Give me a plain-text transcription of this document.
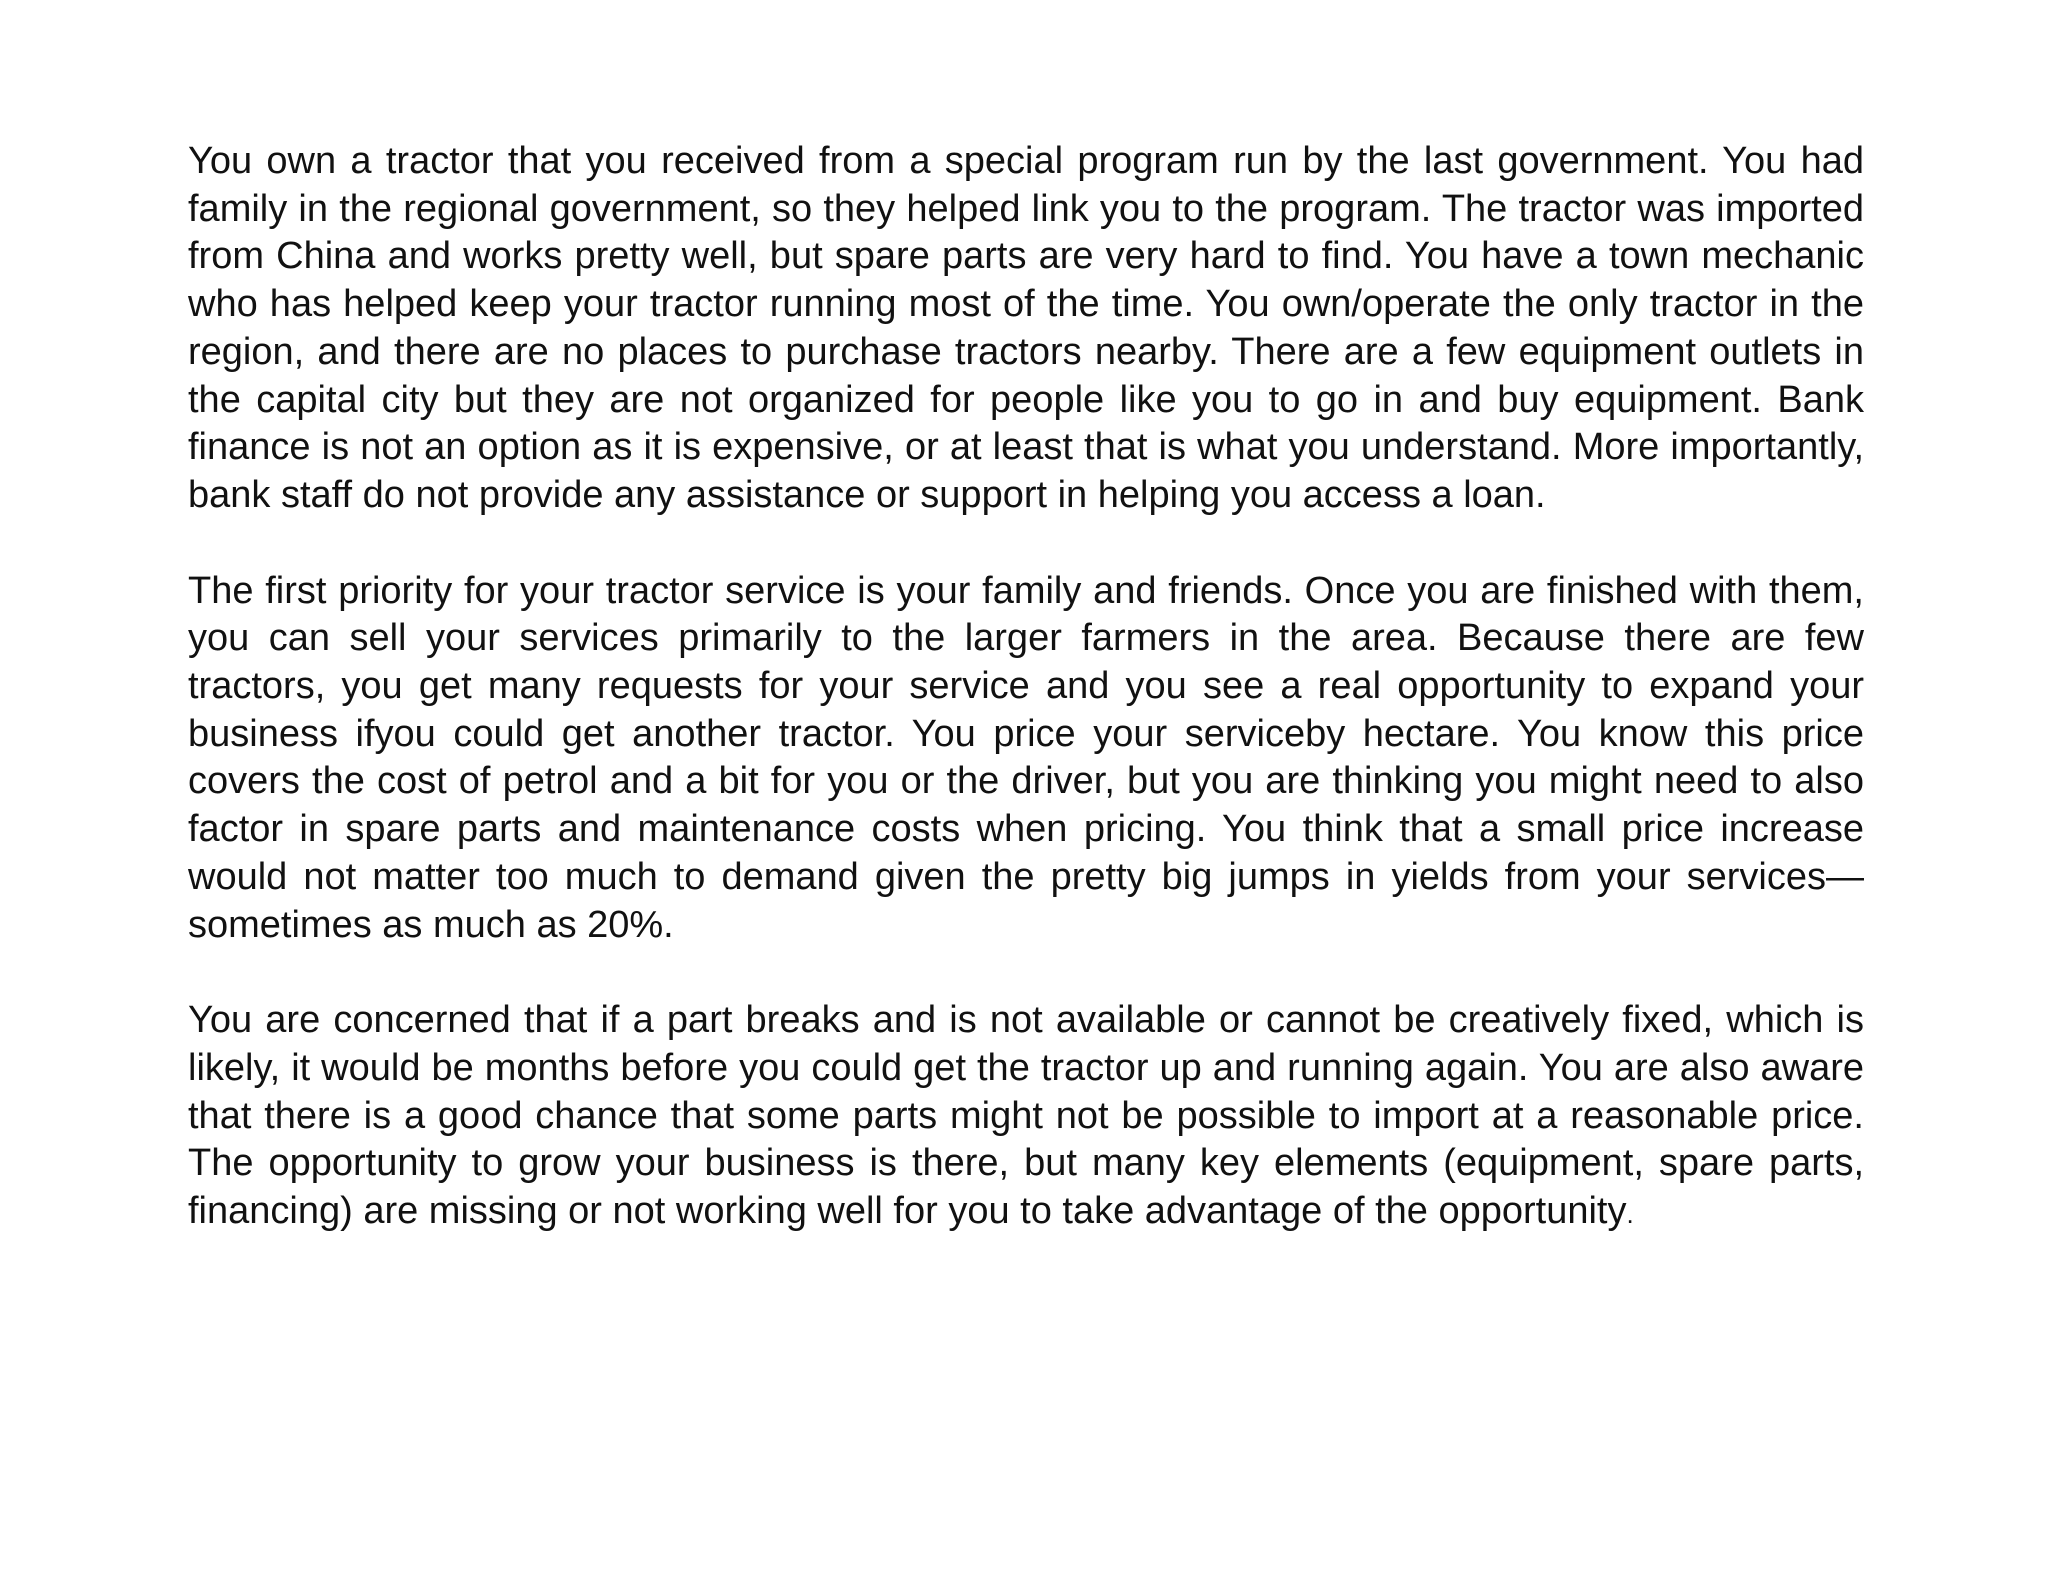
You own a tractor that you received from a special program run by the last government. You had family in the regional government, so they helped link you to the program. The tractor was imported from China and works pretty well, but spare parts are very hard to find. You have a town mechanic who has helped keep your tractor running most of the time. You own/operate the only tractor in the region, and there are no places to purchase tractors nearby. There are a few equipment outlets in the capital city but they are not organized for people like you to go in and buy equipment. Bank finance is not an option as it is expensive, or at least that is what you understand. More importantly, bank staff do not provide any assistance or support in helping you access a loan.

The first priority for your tractor service is your family and friends. Once you are finished with them, you can sell your services primarily to the larger farmers in the area. Because there are few tractors, you get many requests for your service and you see a real opportunity to expand your business ifyou could get another tractor. You price your serviceby hectare. You know this price covers the cost of petrol and a bit for you or the driver, but you are thinking you might need to also factor in spare parts and maintenance costs when pricing. You think that a small price increase would not matter too much to demand given the pretty big jumps in yields from your services—sometimes as much as 20%.

You are concerned that if a part breaks and is not available or cannot be creatively fixed, which is likely, it would be months before you could get the tractor up and running again. You are also aware that there is a good chance that some parts might not be possible to import at a reasonable price. The opportunity to grow your business is there, but many key elements (equipment, spare parts, financing) are missing or not working well for you to take advantage of the opportunity.
